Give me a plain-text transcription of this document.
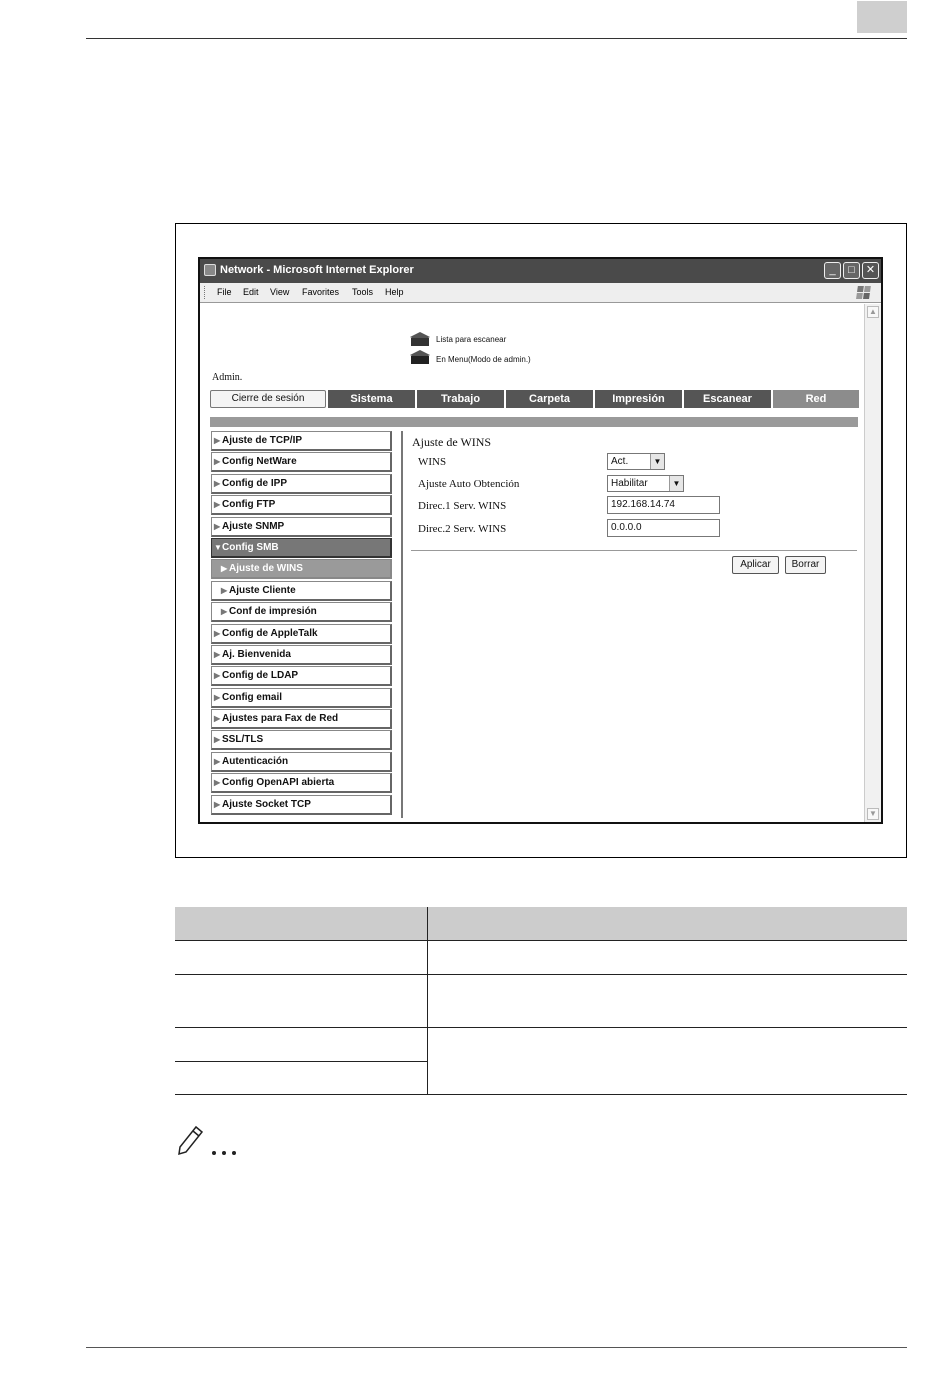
Network - Microsoft Internet Explorer	_	□	✕
File Edit View Favorites Tools Help
Lista para escanear
En Menu(Modo de admin.)
Admin.
Cierre de sesión	Sistema	Trabajo	Carpeta	Impresión	Escanear	Red
▶ Ajuste de TCP/IP
▶ Config NetWare
▶ Config de IPP
▶ Config FTP
▶ Ajuste SNMP
▼Config SMB
▶ Ajuste de WINS
▶ Ajuste Cliente
▶ Conf de impresión
▶ Config de AppleTalk
▶ Aj. Bienvenida
▶ Config de LDAP
▶ Config email
▶ Ajustes para Fax de Red
▶ SSL/TLS
▶ Autenticación
▶ Config OpenAPI abierta
▶ Ajuste Socket TCP
Ajuste de WINS
WINS	Act.	▼
Ajuste Auto Obtención	Habilitar	▼
Direc.1 Serv. WINS	192.168.14.74
Direc.2 Serv. WINS	0.0.0.0
Aplicar	Borrar
▲
▼
